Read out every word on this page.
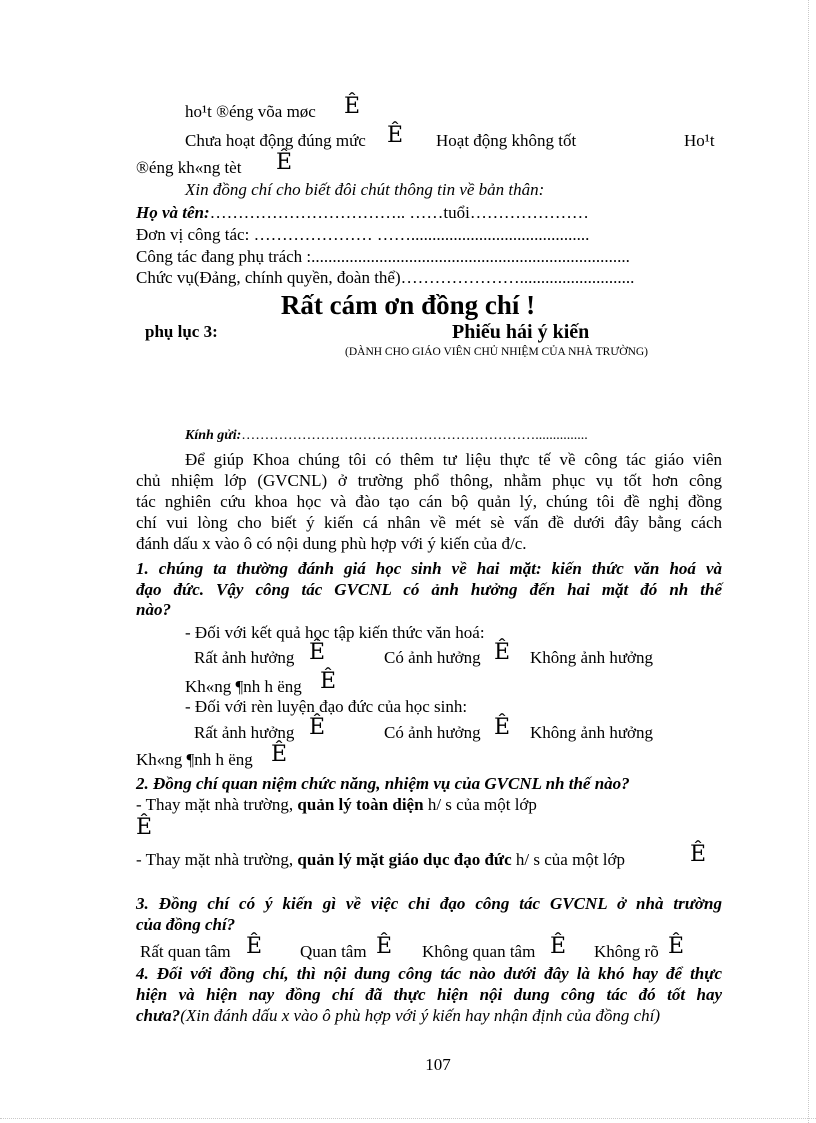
ho¹t ®éng võa møc Ê
Chưa hoạt động đúng mức Ê Hoạt động không tốt	Ho¹t
®éng kh«ng tèt Ê
Xin đồng chí cho biết đôi chút thông tin về bản thân:
Họ và tên:…………………………….. ……tuổi…………………
Đơn vị công tác: ………………… ……..........................................
Công tác đang phụ trách :...........................................................................
Chức vụ(Đảng, chính quyền, đoàn thể)…………………...........................
Rất cám ơn đồng chí !
phụ lục 3:	Phiếu hái ý kiến
(DÀNH CHO GIÁO VIÊN CHỦ NHIỆM CỦA NHÀ TRƯỜNG)
Kính gửi:………………………………………………………...............
Để giúp Khoa chúng tôi có thêm tư liệu thực tế về công tác giáo viên
chủ nhiệm lớp (GVCNL) ở trường phổ thông, nhằm phục vụ tốt hơn công
tác nghiên cứu khoa học và đào tạo cán bộ quản lý, chúng tôi đề nghị đồng
chí vui lòng cho biết ý kiến cá nhân về mét sè vấn đề dưới đây bằng cách
đánh dấu x vào ô có nội dung phù hợp với ý kiến của đ/c.
1. chúng ta thường đánh giá học sinh về hai mặt: kiến thức văn hoá và
đạo đức. Vậy công tác GVCNL có ảnh hưởng đến hai mặt đó nh thế
nào?
- Đối với kết quả học tập kiến thức văn hoá:
Rất ảnh hưởng Ê	Có ảnh hưởng Ê Không ảnh hưởng
Kh«ng ¶nh h ëng Ê
- Đối với rèn luyện đạo đức của học sinh:
Rất ảnh hưởng Ê	Có ảnh hưởng Ê Không ảnh hưởng
Kh«ng ¶nh h ëng Ê
2. Đồng chí quan niệm chức năng, nhiệm vụ của GVCNL nh thế nào?
- Thay mặt nhà trường, quản lý toàn diện h/ s của một lớp
Ê
- Thay mặt nhà trường, quản lý mặt giáo dục đạo đức h/ s của một lớp	Ê
3. Đồng chí có ý kiến gì về việc chỉ đạo công tác GVCNL ở nhà trường
của đồng chí?
Rất quan tâm Ê Quan tâm Ê Không quan tâm Ê Không rõ Ê
4. Đối với đồng chí, thì nội dung công tác nào dưới đây là khó hay để thực
hiện và hiện nay đồng chí đã thực hiện nội dung công tác đó tốt hay
chưa?(Xin đánh dấu x vào ô phù hợp với ý kiến hay nhận định của đồng chí)
107
